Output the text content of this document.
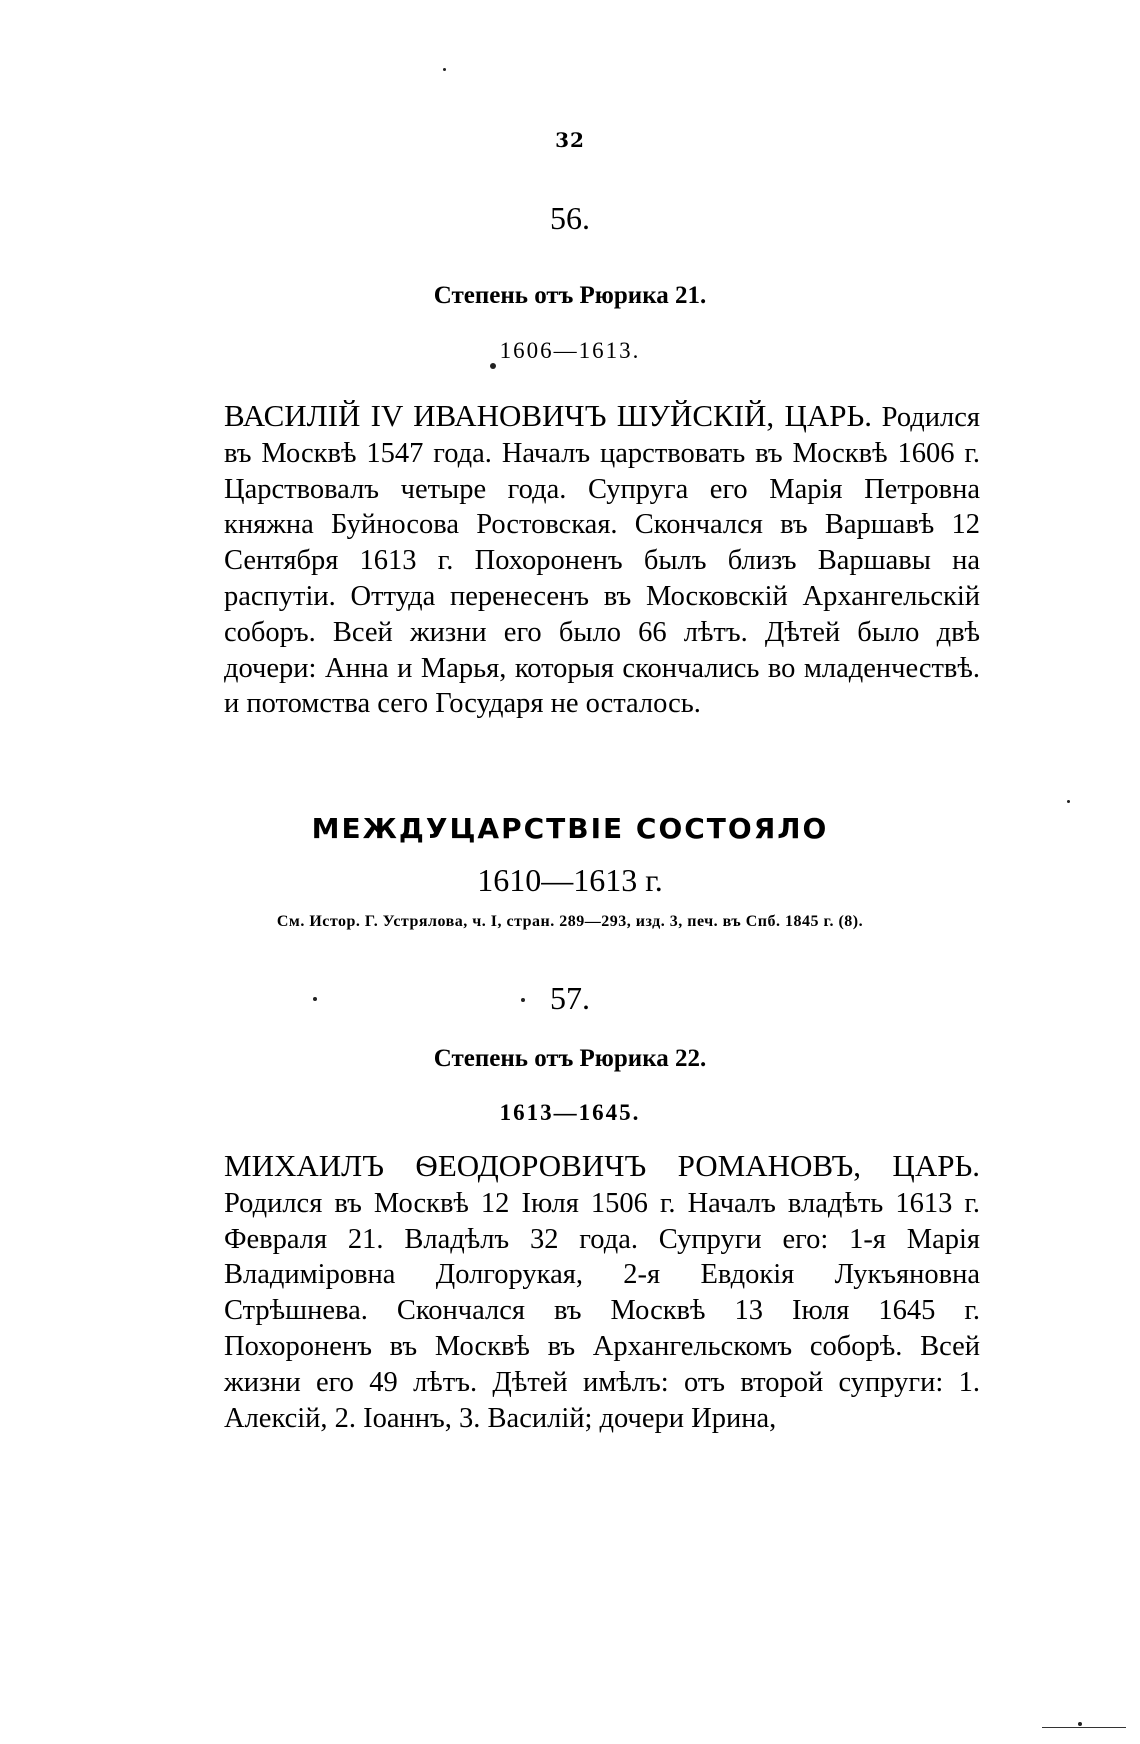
32
56.
Степень отъ Рюрика 21.
1606—1613.
ВАСИЛІЙ IV ИВАНОВИЧЪ ШУЙСКІЙ, ЦАРЬ. Родился въ Москвѣ 1547 года. Началъ царствовать въ Москвѣ 1606 г. Царствовалъ четыре года. Супруга его Марія Петровна княжна Буйносова Ростовская. Скончался въ Варшавѣ 12 Сентября 1613 г. Похороненъ былъ близъ Варшавы на распутіи. Оттуда перенесенъ въ Московскій Архангельскій соборъ. Всей жизни его было 66 лѣтъ. Дѣтей было двѣ дочери: Анна и Марья, которыя скончались во младенчествѣ. и потомства сего Государя не осталось.
МЕЖДУЦАРСТВІЕ СОСТОЯЛО
1610—1613 г.
См. Истор. Г. Устрялова, ч. I, стран. 289—293, изд. 3, печ. въ Спб. 1845 г. (8).
57.
Степень отъ Рюрика 22.
1613—1645.
МИХАИЛЪ ѲЕОДОРОВИЧЪ РОМАНОВЪ, ЦАРЬ. Родился въ Москвѣ 12 Іюля 1506 г. Началъ владѣть 1613 г. Февраля 21. Владѣлъ 32 года. Супруги его: 1-я Марія Владиміровна Долгорукая, 2-я Евдокія Лукъяновна Стрѣшнева. Скончался въ Москвѣ 13 Іюля 1645 г. Похороненъ въ Москвѣ въ Архангельскомъ соборѣ. Всей жизни его 49 лѣтъ. Дѣтей имѣлъ: отъ второй супруги: 1. Алексій, 2. Іоаннъ, 3. Василій; дочери Ирина,
